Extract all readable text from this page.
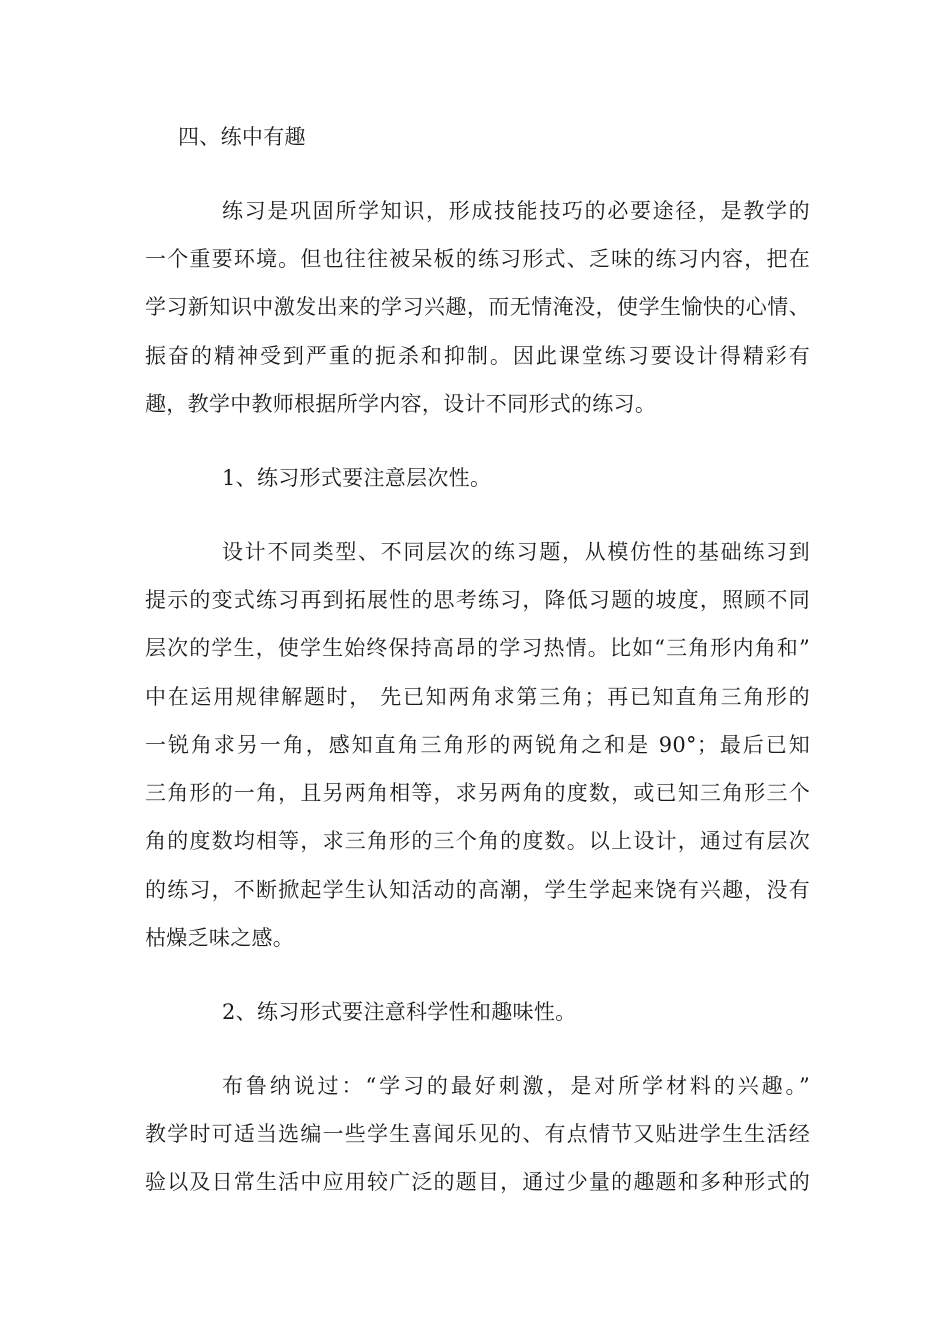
四、练中有趣
练习是巩固所学知识，形成技能技巧的必要途径，是教学的
一个重要环境。但也往往被呆板的练习形式、乏味的练习内容，把在
学习新知识中激发出来的学习兴趣，而无情淹没，使学生愉快的心情、
振奋的精神受到严重的扼杀和抑制。因此课堂练习要设计得精彩有
趣，教学中教师根据所学内容，设计不同形式的练习。
1、练习形式要注意层次性。
设计不同类型、不同层次的练习题，从模仿性的基础练习到
提示的变式练习再到拓展性的思考练习，降低习题的坡度，照顾不同
层次的学生，使学生始终保持高昂的学习热情。比如“三角形内角和”
中在运用规律解题时， 先已知两角求第三角；再已知直角三角形的
一锐角求另一角，感知直角三角形的两锐角之和是 90°；最后已知
三角形的一角，且另两角相等，求另两角的度数，或已知三角形三个
角的度数均相等，求三角形的三个角的度数。以上设计，通过有层次
的练习，不断掀起学生认知活动的高潮，学生学起来饶有兴趣，没有
枯燥乏味之感。
2、练习形式要注意科学性和趣味性。
布鲁纳说过：“学习的最好刺激，是对所学材料的兴趣。”
教学时可适当选编一些学生喜闻乐见的、有点情节又贴进学生生活经
验以及日常生活中应用较广泛的题目，通过少量的趣题和多种形式的
